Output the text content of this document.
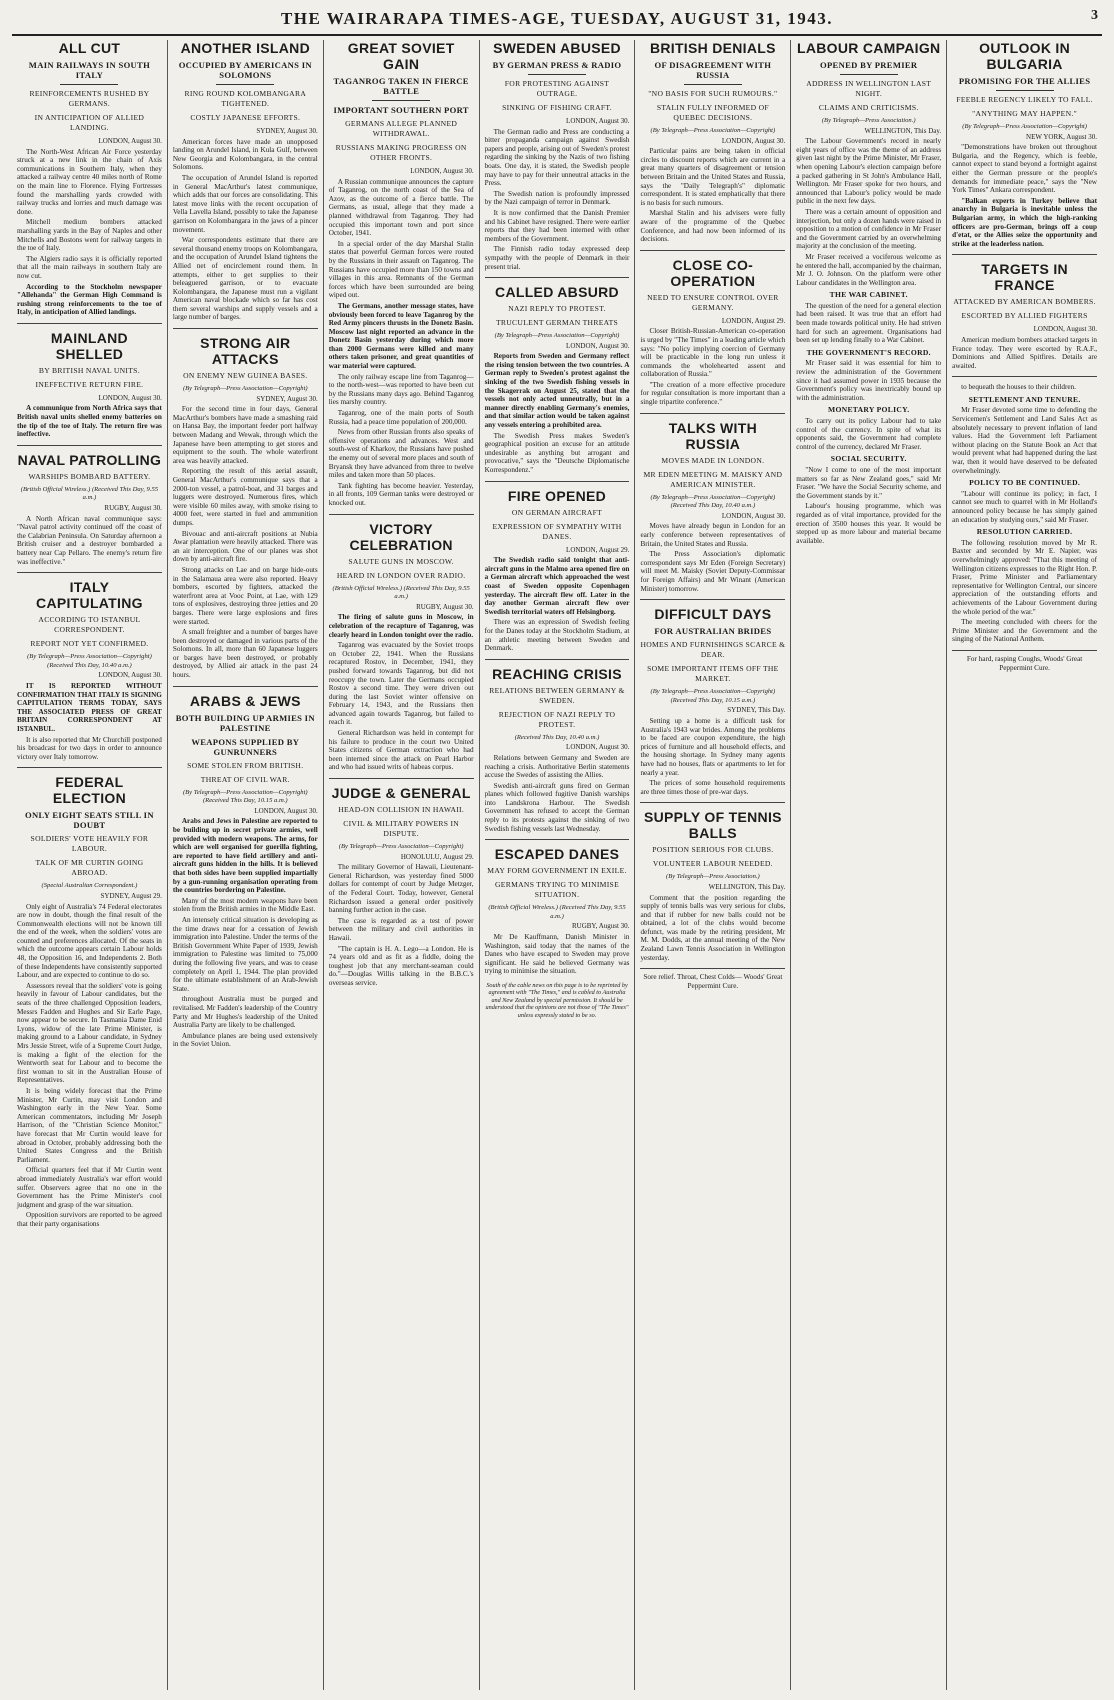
THE WAIRARAPA TIMES-AGE, TUESDAY, AUGUST 31, 1943.	3
ALL CUT
MAIN RAILWAYS IN SOUTH ITALY
REINFORCEMENTS RUSHED BY GERMANS.
IN ANTICIPATION OF ALLIED LANDING.
LONDON, August 30.

The North-West African Air Force yesterday struck at a new link in the chain of Axis communications in Southern Italy, when they attacked a railway centre 40 miles north of Rome on the main line to Florence. Flying Fortresses found the marshalling yards crowded with railway trucks and lorries and much damage was done.

Mitchell medium bombers attacked marshalling yards in the Bay of Naples and other Mitchells and Bostons went for railway targets in the toe of Italy.

The Algiers radio says it is officially reported that all the main railways in southern Italy are now cut.

According to the Stockholm newspaper "Allehanda" the German High Command is rushing strong reinforcements to the toe of Italy, in anticipation of Allied landings.

MAINLAND SHELLED
BY BRITISH NAVAL UNITS.
INEFFECTIVE RETURN FIRE.
LONDON, August 30.

A communique from North Africa says that British naval units shelled enemy batteries on the tip of the toe of Italy. The return fire was ineffective.

NAVAL PATROLLING
WARSHIPS BOMBARD BATTERY.
(British Official Wireless.) (Received This Day, 9.55 a.m.)
RUGBY, August 30.

A North African naval communique says: "Naval patrol activity continued off the coast of the Calabrian Peninsula. On Saturday afternoon a British cruiser and a destroyer bombarded a battery near Cap Pellaro. The enemy's return fire was ineffective."

ITALY CAPITULATING
ACCORDING TO ISTANBUL CORRESPONDENT.
REPORT NOT YET CONFIRMED.
(By Telegraph—Press Association—Copyright) (Received This Day, 10.40 a.m.)
LONDON, August 30.

IT IS REPORTED WITHOUT CONFIRMATION THAT ITALY IS SIGNING CAPITULATION TERMS TODAY, SAYS THE ASSOCIATED PRESS OF GREAT BRITAIN CORRESPONDENT AT ISTANBUL.

It is also reported that Mr Churchill postponed his broadcast for two days in order to announce victory over Italy tomorrow.

FEDERAL ELECTION
ONLY EIGHT SEATS STILL IN DOUBT
SOLDIERS' VOTE HEAVILY FOR LABOUR.
TALK OF MR CURTIN GOING ABROAD.
(Special Australian Correspondent.)
SYDNEY, August 29.

Only eight of Australia's 74 Federal electorates are now in doubt, though the final result of the Commonwealth elections will not be known till the end of the week, when the soldiers' votes are counted and preferences allocated. Of the seats in which the outcome appears certain Labour holds 48, the Opposition 16, and Independents 2. Both of these Independents have consistently supported Labour, and are expected to continue to do so.

Assessors reveal that the soldiers' vote is going heavily in favour of Labour candidates, but the seats of the three challenged Opposition leaders, Messrs Fadden and Hughes and Sir Earle Page, now appear to be secure. In Tasmania Dame Enid Lyons, widow of the late Prime Minister, is making ground to a Labour candidate, in Sydney Mrs Jessie Street, wife of a Supreme Court Judge, is making a fight of the election for the Wentworth seat for Labour and to become the first woman to sit in the Australian House of Representatives.

It is being widely forecast that the Prime Minister, Mr Curtin, may visit London and Washington early in the New Year. Some American commentators, including Mr Joseph Harrison, of the "Christian Science Monitor," have forecast that Mr Curtin would leave for abroad in October, probably addressing both the United States Congress and the British Parliament.

Official quarters feel that if Mr Curtin went abroad immediately Australia's war effort would suffer. Observers agree that no one in the Government has the Prime Minister's cool judgment and grasp of the war situation.

Opposition survivors are reported to be agreed that their party organisations

ANOTHER ISLAND
OCCUPIED BY AMERICANS IN SOLOMONS
RING ROUND KOLOMBANGARA TIGHTENED.
COSTLY JAPANESE EFFORTS.
SYDNEY, August 30.

American forces have made an unopposed landing on Arundel Island, in Kula Gulf, between New Georgia and Kolombangara, in the central Solomons.

The occupation of Arundel Island is reported in General MacArthur's latest communique, which adds that our forces are consolidating. This latest move links with the recent occupation of Vella Lavella Island, possibly to take the Japanese garrison on Kolombangara in the jaws of a pincer movement.

War correspondents estimate that there are several thousand enemy troops on Kolombangara, and the occupation of Arundel Island tightens the Allied net of encirclement round them. In attempts, either to get supplies to their beleaguered garrison, or to evacuate Kolombangara, the Japanese must run a vigilant American naval blockade which so far has cost them several warships and supply vessels and a large number of barges.

STRONG AIR ATTACKS
ON ENEMY NEW GUINEA BASES.
(By Telegraph—Press Association—Copyright)
SYDNEY, August 30.

For the second time in four days, General MacArthur's bombers have made a smashing raid on Hansa Bay, the important feeder port halfway between Madang and Wewak, through which the Japanese have been attempting to get stores and equipment to the south. The whole waterfront area was heavily attacked.

Reporting the result of this aerial assault, General MacArthur's communique says that a 2000-ton vessel, a patrol-boat, and 31 barges and luggers were destroyed. Numerous fires, which were visible 60 miles away, with smoke rising to 4000 feet, were started in fuel and ammunition dumps.

Bivouac and anti-aircraft positions at Nubia Awar plantation were heavily attacked. There was an air interception. One of our planes was shot down by anti-aircraft fire.

Strong attacks on Lae and on barge hide-outs in the Salamaua area were also reported. Heavy bombers, escorted by fighters, attacked the waterfront area at Vooc Point, at Lae, with 129 tons of explosives, destroying three jetties and 20 barges. There were large explosions and fires were started.

A small freighter and a number of barges have been destroyed or damaged in various parts of the Solomons. In all, more than 60 Japanese luggers or barges have been destroyed, or probably destroyed, by Allied air attack in the past 24 hours.

ARABS & JEWS
BOTH BUILDING UP ARMIES IN PALESTINE
WEAPONS SUPPLIED BY GUNRUNNERS
SOME STOLEN FROM BRITISH.
THREAT OF CIVIL WAR.
(By Telegraph—Press Association—Copyright) (Received This Day, 10.15 a.m.)
LONDON, August 30.

Arabs and Jews in Palestine are reported to be building up in secret private armies, well provided with modern weapons. The arms, for which are well organised for guerilla fighting, are reported to have field artillery and anti-aircraft guns hidden in the hills. It is believed that both sides have been supplied impartially by a gun-running organisation operating from the countries bordering on Palestine.

Many of the most modern weapons have been stolen from the British armies in the Middle East.

An intensely critical situation is developing as the time draws near for a cessation of Jewish immigration into Palestine. Under the terms of the British Government White Paper of 1939, Jewish immigration to Palestine was limited to 75,000 during the following five years, and was to cease completely on April 1, 1944. The plan provided for the ultimate establishment of an Arab-Jewish State.

throughout Australia must be purged and revitalised. Mr Fadden's leadership of the Country Party and Mr Hughes's leadership of the United Australia Party are likely to be challenged.

Ambulance planes are being used extensively in the Soviet Union.

GREAT SOVIET GAIN
TAGANROG TAKEN IN FIERCE BATTLE
IMPORTANT SOUTHERN PORT
GERMANS ALLEGE PLANNED WITHDRAWAL.
RUSSIANS MAKING PROGRESS ON OTHER FRONTS.
LONDON, August 30.

A Russian communique announces the capture of Taganrog, on the north coast of the Sea of Azov, as the outcome of a fierce battle. The Germans, as usual, allege that they made a planned withdrawal from Taganrog. They had occupied this important town and port since October, 1941.

In a special order of the day Marshal Stalin states that powerful German forces were routed by the Russians in their assault on Taganrog. The Russians have occupied more than 150 towns and villages in this area. Remnants of the German forces which have been surrounded are being wiped out.

The Germans, another message states, have obviously been forced to leave Taganrog by the Red Army pincers thrusts in the Donetz Basin. Moscow last night reported an advance in the Donetz Basin yesterday during which more than 2000 Germans were killed and many others taken prisoner, and great quantities of war material were captured.

The only railway escape line from Taganrog—to the north-west—was reported to have been cut by the Russians many days ago. Behind Taganrog lies marshy country.

Taganrog, one of the main ports of South Russia, had a peace time population of 200,000.

News from other Russian fronts also speaks of offensive operations and advances. West and south-west of Kharkov, the Russians have pushed the enemy out of several more places and south of Bryansk they have advanced from three to twelve miles and taken more than 50 places.

Tank fighting has become heavier. Yesterday, in all fronts, 109 German tanks were destroyed or knocked out.

VICTORY CELEBRATION
SALUTE GUNS IN MOSCOW.
HEARD IN LONDON OVER RADIO.
(British Official Wireless.) (Received This Day, 9.55 a.m.)
RUGBY, August 30.

The firing of salute guns in Moscow, in celebration of the recapture of Taganrog, was clearly heard in London tonight over the radio.

Taganrog was evacuated by the Soviet troops on October 22, 1941. When the Russians recaptured Rostov, in December, 1941, they pushed forward towards Taganrog, but did not reoccupy the town. Later the Germans occupied Rostov a second time. They were driven out during the last Soviet winter offensive on February 14, 1943, and the Russians then advanced again towards Taganrog, but failed to reach it.

General Richardson was held in contempt for his failure to produce in the court two United States citizens of German extraction who had been interned since the attack on Pearl Harbor and who had issued writs of habeas corpus.

JUDGE & GENERAL
HEAD-ON COLLISION IN HAWAII.
CIVIL & MILITARY POWERS IN DISPUTE.
(By Telegraph—Press Association—Copyright)
HONOLULU, August 29.

The military Governor of Hawaii, Lieutenant-General Richardson, was yesterday fined 5000 dollars for contempt of court by Judge Metzger, of the Federal Court. Today, however, General Richardson issued a general order positively banning further action in the case.

The case is regarded as a test of power between the military and civil authorities in Hawaii.

"The captain is H. A. Lego—a London. He is 74 years old and as fit as a fiddle, doing the toughest job that any merchant-seaman could do."—Douglas Willis talking in the B.B.C.'s overseas service.

SWEDEN ABUSED
BY GERMAN PRESS & RADIO
FOR PROTESTING AGAINST OUTRAGE.
SINKING OF FISHING CRAFT.
LONDON, August 30.

The German radio and Press are conducting a bitter propaganda campaign against Swedish papers and people, arising out of Sweden's protest regarding the sinking by the Nazis of two fishing boats. One day, it is stated, the Swedish people may have to pay for their unneutral attacks in the Press.

The Swedish nation is profoundly impressed by the Nazi campaign of terror in Denmark.

It is now confirmed that the Danish Premier and his Cabinet have resigned. There were earlier reports that they had been interned with other members of the Government.

The Finnish radio today expressed deep sympathy with the people of Denmark in their present trial.

CALLED ABSURD
NAZI REPLY TO PROTEST.
TRUCULENT GERMAN THREATS
(By Telegraph—Press Association—Copyright)
LONDON, August 30.

Reports from Sweden and Germany reflect the rising tension between the two countries. A German reply to Sweden's protest against the sinking of the two Swedish fishing vessels in the Skagerrak on August 25, stated that the vessels not only acted unneutrally, but in a manner directly enabling Germany's enemies, and that similar action would be taken against any vessels entering a prohibited area.

The Swedish Press makes Sweden's geographical position an excuse for an attitude undesirable as anything but arrogant and provocative," says the "Deutsche Diplomatische Korrespondenz."

FIRE OPENED
ON GERMAN AIRCRAFT
EXPRESSION OF SYMPATHY WITH DANES.
LONDON, August 29.

The Swedish radio said tonight that anti-aircraft guns in the Malmo area opened fire on a German aircraft which approached the west coast of Sweden opposite Copenhagen yesterday. The aircraft flew off. Later in the day another German aircraft flew over Swedish territorial waters off Helsingborg.

There was an expression of Swedish feeling for the Danes today at the Stockholm Stadium, at an athletic meeting between Sweden and Denmark.

REACHING CRISIS
RELATIONS BETWEEN GERMANY & SWEDEN.
REJECTION OF NAZI REPLY TO PROTEST.
(Received This Day, 10.40 a.m.)
LONDON, August 30.

Relations between Germany and Sweden are reaching a crisis. Authoritative Berlin statements accuse the Swedes of assisting the Allies.

Swedish anti-aircraft guns fired on German planes which followed fugitive Danish warships into Landskrona Harbour. The Swedish Government has refused to accept the German reply to its protests against the sinking of two Swedish fishing vessels last Wednesday.

ESCAPED DANES
MAY FORM GOVERNMENT IN EXILE.
GERMANS TRYING TO MINIMISE SITUATION.
(British Official Wireless.) (Received This Day, 9.55 a.m.)
RUGBY, August 30.

Mr De Kauffmann, Danish Minister in Washington, said today that the names of the Danes who have escaped to Sweden may prove significant. He said he believed Germany was trying to minimise the situation.

South of the cable news on this page is to be reprinted by agreement with "The Times," and is cabled to Australia and New Zealand by special permission. It should be understood that the opinions are not those of "The Times" unless expressly stated to be so.
BRITISH DENIALS
OF DISAGREEMENT WITH RUSSIA
"NO BASIS FOR SUCH RUMOURS."
STALIN FULLY INFORMED OF QUEBEC DECISIONS.
(By Telegraph—Press Association—Copyright)
LONDON, August 30.

Particular pains are being taken in official circles to discount reports which are current in a great many quarters of disagreement or tension between Britain and the United States and Russia, says the "Daily Telegraph's" diplomatic correspondent. It is stated emphatically that there is no basis for such rumours.

Marshal Stalin and his advisers were fully aware of the programme of the Quebec Conference, and had now been informed of its decisions.

CLOSE CO-OPERATION
NEED TO ENSURE CONTROL OVER GERMANY.
LONDON, August 29.

Closer British-Russian-American co-operation is urged by "The Times" in a leading article which says: "No policy implying coercion of Germany will be practicable in the long run unless it commands the wholehearted assent and collaboration of Russia."

"The creation of a more effective procedure for regular consultation is more important than a single tripartite conference."

TALKS WITH RUSSIA
MOVES MADE IN LONDON.
MR EDEN MEETING M. MAISKY AND AMERICAN MINISTER.
(By Telegraph—Press Association—Copyright) (Received This Day, 10.40 a.m.)
LONDON, August 30.

Moves have already begun in London for an early conference between representatives of Britain, the United States and Russia.

The Press Association's diplomatic correspondent says Mr Eden (Foreign Secretary) will meet M. Maisky (Soviet Deputy-Commissar for Foreign Affairs) and Mr Winant (American Minister) tomorrow.

DIFFICULT DAYS
FOR AUSTRALIAN BRIDES
HOMES AND FURNISHINGS SCARCE & DEAR.
SOME IMPORTANT ITEMS OFF THE MARKET.
(By Telegraph—Press Association—Copyright) (Received This Day, 10.15 a.m.)
SYDNEY, This Day.

Setting up a home is a difficult task for Australia's 1943 war brides. Among the problems to be faced are coupon expenditure, the high prices of furniture and all household effects, and the housing shortage. In Sydney many agents have had no houses, flats or apartments to let for nearly a year.

The prices of some household requirements are three times those of pre-war days.

SUPPLY OF TENNIS BALLS
POSITION SERIOUS FOR CLUBS.
VOLUNTEER LABOUR NEEDED.
(By Telegraph—Press Association.)
WELLINGTON, This Day.

Comment that the position regarding the supply of tennis balls was very serious for clubs, and that if rubber for new balls could not be obtained, a lot of the clubs would become defunct, was made by the retiring president, Mr M. M. Dodds, at the annual meeting of the New Zealand Lawn Tennis Association in Wellington yesterday.

Sore relief. Throat, Chest Colds— Woods' Great Peppermint Cure.
LABOUR CAMPAIGN
OPENED BY PREMIER
ADDRESS IN WELLINGTON LAST NIGHT.
CLAIMS AND CRITICISMS.
(By Telegraph—Press Association.)
WELLINGTON, This Day.

The Labour Government's record in nearly eight years of office was the theme of an address given last night by the Prime Minister, Mr Fraser, when opening Labour's election campaign before a packed gathering in St John's Ambulance Hall, Wellington. Mr Fraser spoke for two hours, and announced that Labour's policy would be made public in the next few days.

There was a certain amount of opposition and interjection, but only a dozen hands were raised in opposition to a motion of confidence in Mr Fraser and the Government carried by an overwhelming majority at the conclusion of the meeting.

Mr Fraser received a vociferous welcome as he entered the hall, accompanied by the chairman, Mr J. O. Johnson. On the platform were other Labour candidates in the Wellington area.

THE WAR CABINET.

The question of the need for a general election had been raised. It was true that an effort had been made towards political unity. He had striven hard for such an agreement. Organisations had been set up lending finally to a War Cabinet.

THE GOVERNMENT'S RECORD.

Mr Fraser said it was essential for him to review the administration of the Government since it had assumed power in 1935 because the Government's policy was inextricably bound up with the administration.

MONETARY POLICY.

To carry out its policy Labour had to take control of the currency. In spite of what its opponents said, the Government had complete control of the currency, declared Mr Fraser.

SOCIAL SECURITY.

"Now I come to one of the most important matters so far as New Zealand goes," said Mr Fraser. "We have the Social Security scheme, and the Government stands by it."

Labour's housing programme, which was regarded as of vital importance, provided for the erection of 3500 houses this year. It would be stepped up as more labour and material became available.

OUTLOOK IN BULGARIA
PROMISING FOR THE ALLIES
FEEBLE REGENCY LIKELY TO FALL.
"ANYTHING MAY HAPPEN."
(By Telegraph—Press Association—Copyright)
NEW YORK, August 30.

"Demonstrations have broken out throughout Bulgaria, and the Regency, which is feeble, cannot expect to stand beyond a fortnight against either the German pressure or the people's demands for immediate peace," says the "New York Times" Ankara correspondent.

"Balkan experts in Turkey believe that anarchy in Bulgaria is inevitable unless the Bulgarian army, in which the high-ranking officers are pro-German, brings off a coup d'etat, or the Allies seize the opportunity and strike at the leaderless nation.

TARGETS IN FRANCE
ATTACKED BY AMERICAN BOMBERS.
ESCORTED BY ALLIED FIGHTERS
LONDON, August 30.

American medium bombers attacked targets in France today. They were escorted by R.A.F., Dominions and Allied Spitfires. Details are awaited.

to bequeath the houses to their children.

SETTLEMENT AND TENURE.

Mr Fraser devoted some time to defending the Servicemen's Settlement and Land Sales Act as absolutely necessary to prevent inflation of land values. Had the Government left Parliament without placing on the Statute Book an Act that would prevent what had happened during the last war, then it would have deserved to be defeated overwhelmingly.

POLICY TO BE CONTINUED.

"Labour will continue its policy; in fact, I cannot see much to quarrel with in Mr Holland's announced policy because he has simply gained an education by studying ours," said Mr Fraser.

RESOLUTION CARRIED.

The following resolution moved by Mr R. Baxter and seconded by Mr E. Napier, was overwhelmingly approved: "That this meeting of Wellington citizens expresses to the Right Hon. P. Fraser, Prime Minister and Parliamentary representative for Wellington Central, our sincere appreciation of the outstanding efforts and achievements of the Labour Government during the whole period of the war."

The meeting concluded with cheers for the Prime Minister and the Government and the singing of the National Anthem.

For hard, rasping Coughs, Woods' Great Peppermint Cure.
